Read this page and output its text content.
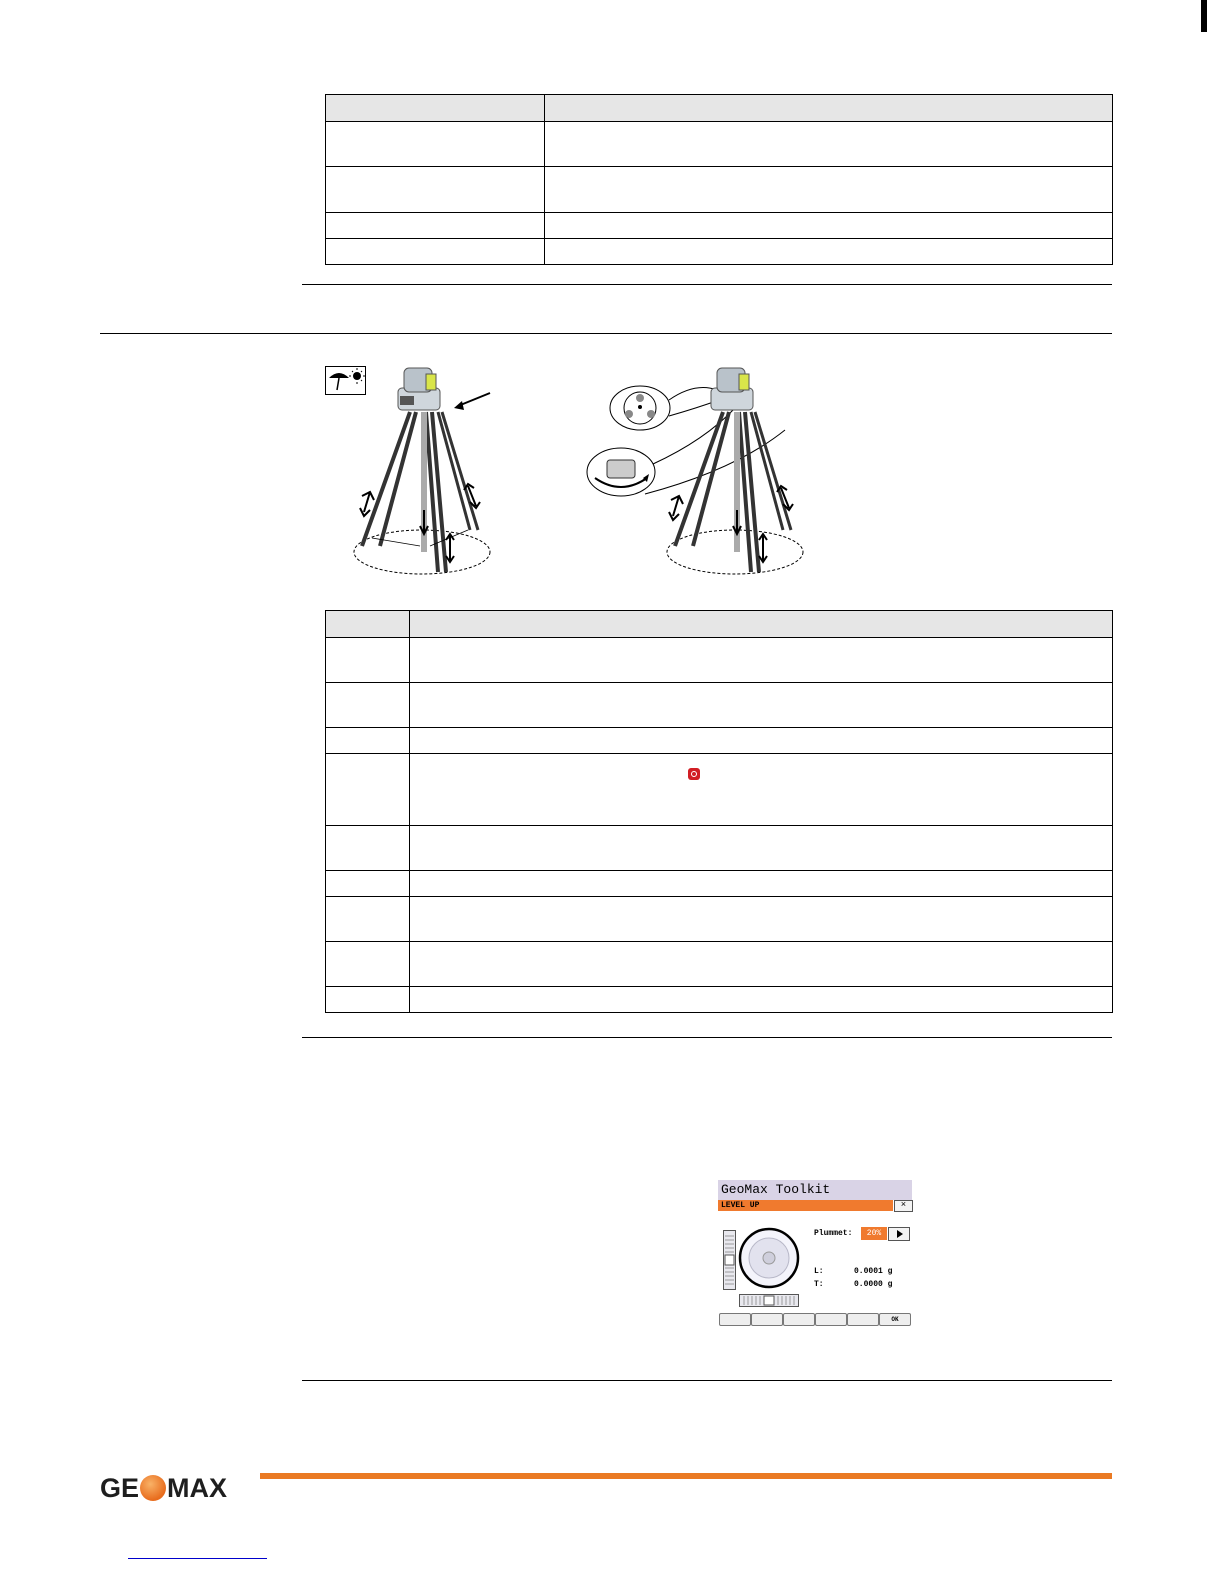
GeoMax Toolkit
LEVEL UP	×
Plummet:	20%
L:	0.0001 g
T:	0.0000 g
OK
GE MAX
